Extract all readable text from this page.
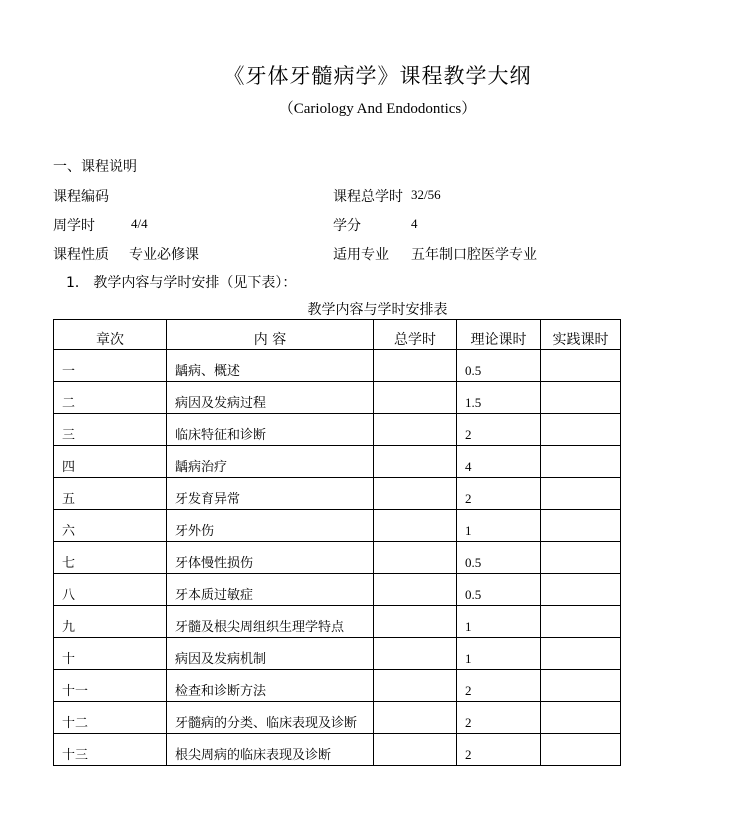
《牙体牙髓病学》课程教学大纲
（Cariology And Endodontics）
一、课程说明
课程编码	课程总学时 32/56
周学时	4/4	学分	4
课程性质 专业必修课	适用专业 五年制口腔医学专业
1． 教学内容与学时安排（见下表）：
教学内容与学时安排表
章次	内 容	总学时	理论课时	实践课时
一	龋病、概述		0.5	
二	病因及发病过程		1.5	
三	临床特征和诊断		2	
四	龋病治疗		4	
五	牙发育异常		2	
六	牙外伤		1	
七	牙体慢性损伤		0.5	
八	牙本质过敏症		0.5	
九	牙髓及根尖周组织生理学特点		1	
十	病因及发病机制		1	
十一	检查和诊断方法		2	
十二	牙髓病的分类、临床表现及诊断		2	
十三	根尖周病的临床表现及诊断		2	
